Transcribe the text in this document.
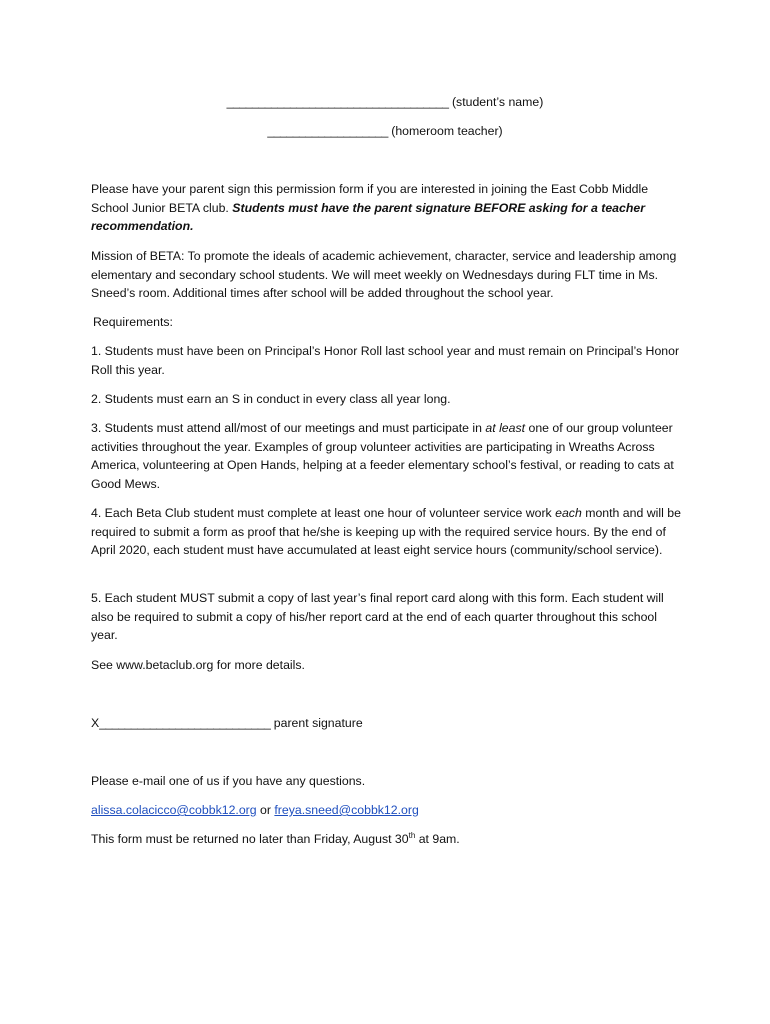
___________________________________ (student’s name)
___________________ (homeroom teacher)

Please have your parent sign this permission form if you are interested in joining the East Cobb Middle School Junior BETA club. Students must have the parent signature BEFORE asking for a teacher recommendation.

Mission of BETA: To promote the ideals of academic achievement, character, service and leadership among elementary and secondary school students. We will meet weekly on Wednesdays during FLT time in Ms. Sneed’s room. Additional times after school will be added throughout the school year.

Requirements:

1. Students must have been on Principal’s Honor Roll last school year and must remain on Principal’s Honor Roll this year.

2. Students must earn an S in conduct in every class all year long.

3. Students must attend all/most of our meetings and must participate in at least one of our group volunteer activities throughout the year. Examples of group volunteer activities are participating in Wreaths Across America, volunteering at Open Hands, helping at a feeder elementary school’s festival, or reading to cats at Good Mews.

4. Each Beta Club student must complete at least one hour of volunteer service work each month and will be required to submit a form as proof that he/she is keeping up with the required service hours. By the end of April 2020, each student must have accumulated at least eight service hours (community/school service).

5. Each student MUST submit a copy of last year’s final report card along with this form. Each student will also be required to submit a copy of his/her report card at the end of each quarter throughout this school year.

See www.betaclub.org for more details.
X___________________________ parent signature
Please e-mail one of us if you have any questions.
alissa.colacicco@cobbk12.org or freya.sneed@cobbk12.org
This form must be returned no later than Friday, August 30th at 9am.
